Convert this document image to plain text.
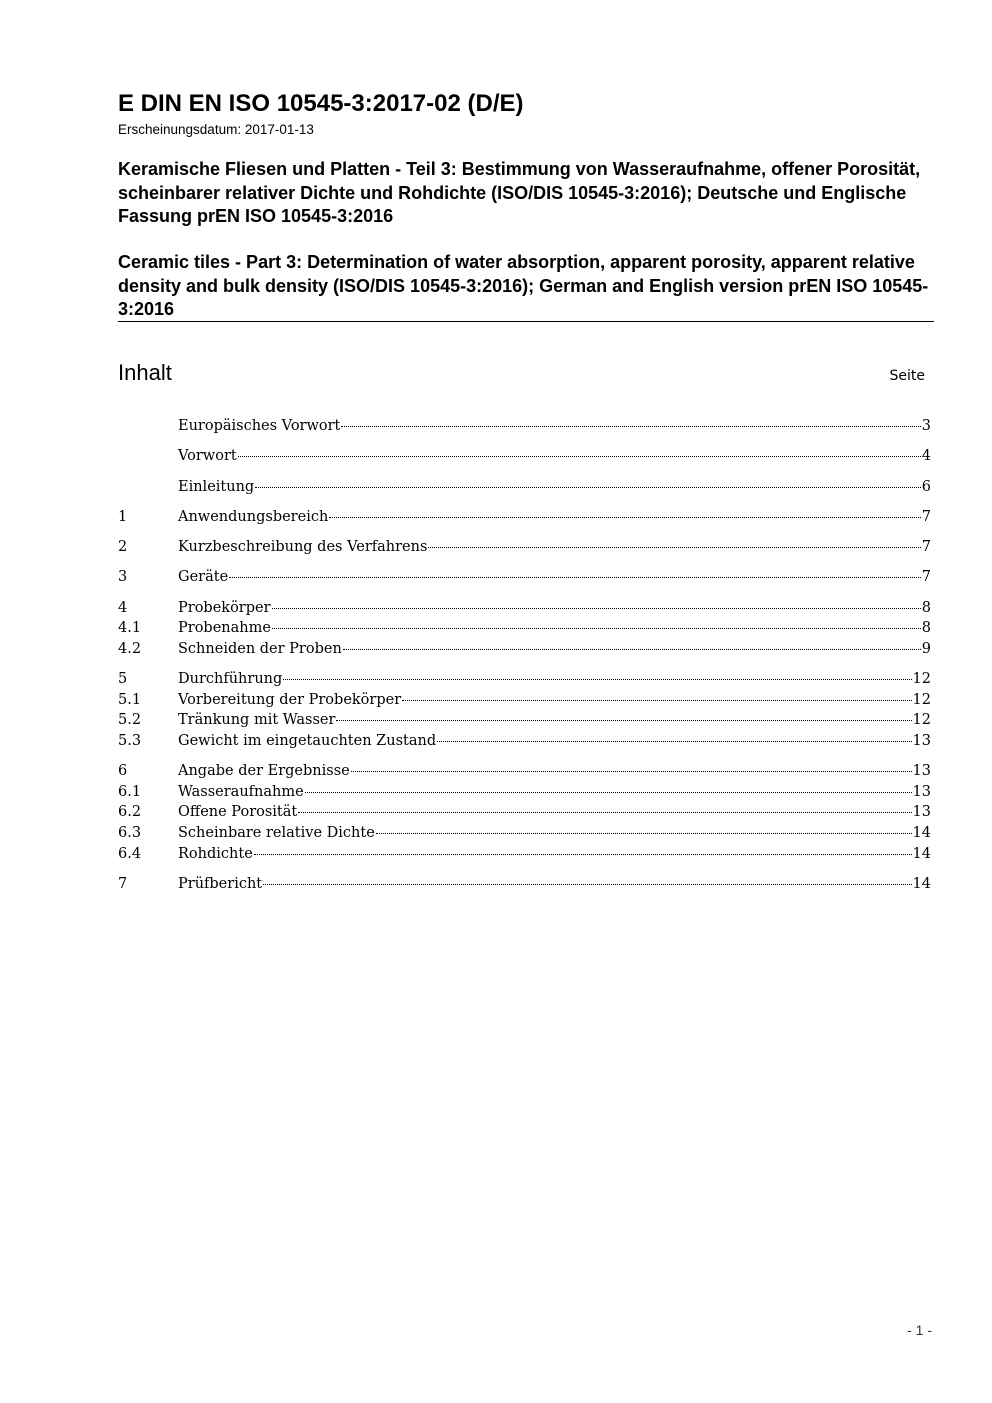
E DIN EN ISO 10545-3:2017-02 (D/E)
Erscheinungsdatum: 2017-01-13
Keramische Fliesen und Platten - Teil 3: Bestimmung von Wasseraufnahme, offener Porosität, scheinbarer relativer Dichte und Rohdichte (ISO/DIS 10545-3:2016); Deutsche und Englische Fassung prEN ISO 10545-3:2016
Ceramic tiles - Part 3: Determination of water absorption, apparent porosity, apparent relative density and bulk density (ISO/DIS 10545-3:2016); German and English version prEN ISO 10545-3:2016
Inhalt	Seite
Europäisches Vorwort	3
Vorwort	4
Einleitung	6
1	Anwendungsbereich	7
2	Kurzbeschreibung des Verfahrens	7
3	Geräte	7
4	Probekörper	8
4.1	Probenahme	8
4.2	Schneiden der Proben	9
5	Durchführung	12
5.1	Vorbereitung der Probekörper	12
5.2	Tränkung mit Wasser	12
5.3	Gewicht im eingetauchten Zustand	13
6	Angabe der Ergebnisse	13
6.1	Wasseraufnahme	13
6.2	Offene Porosität	13
6.3	Scheinbare relative Dichte	14
6.4	Rohdichte	14
7	Prüfbericht	14
- 1 -
